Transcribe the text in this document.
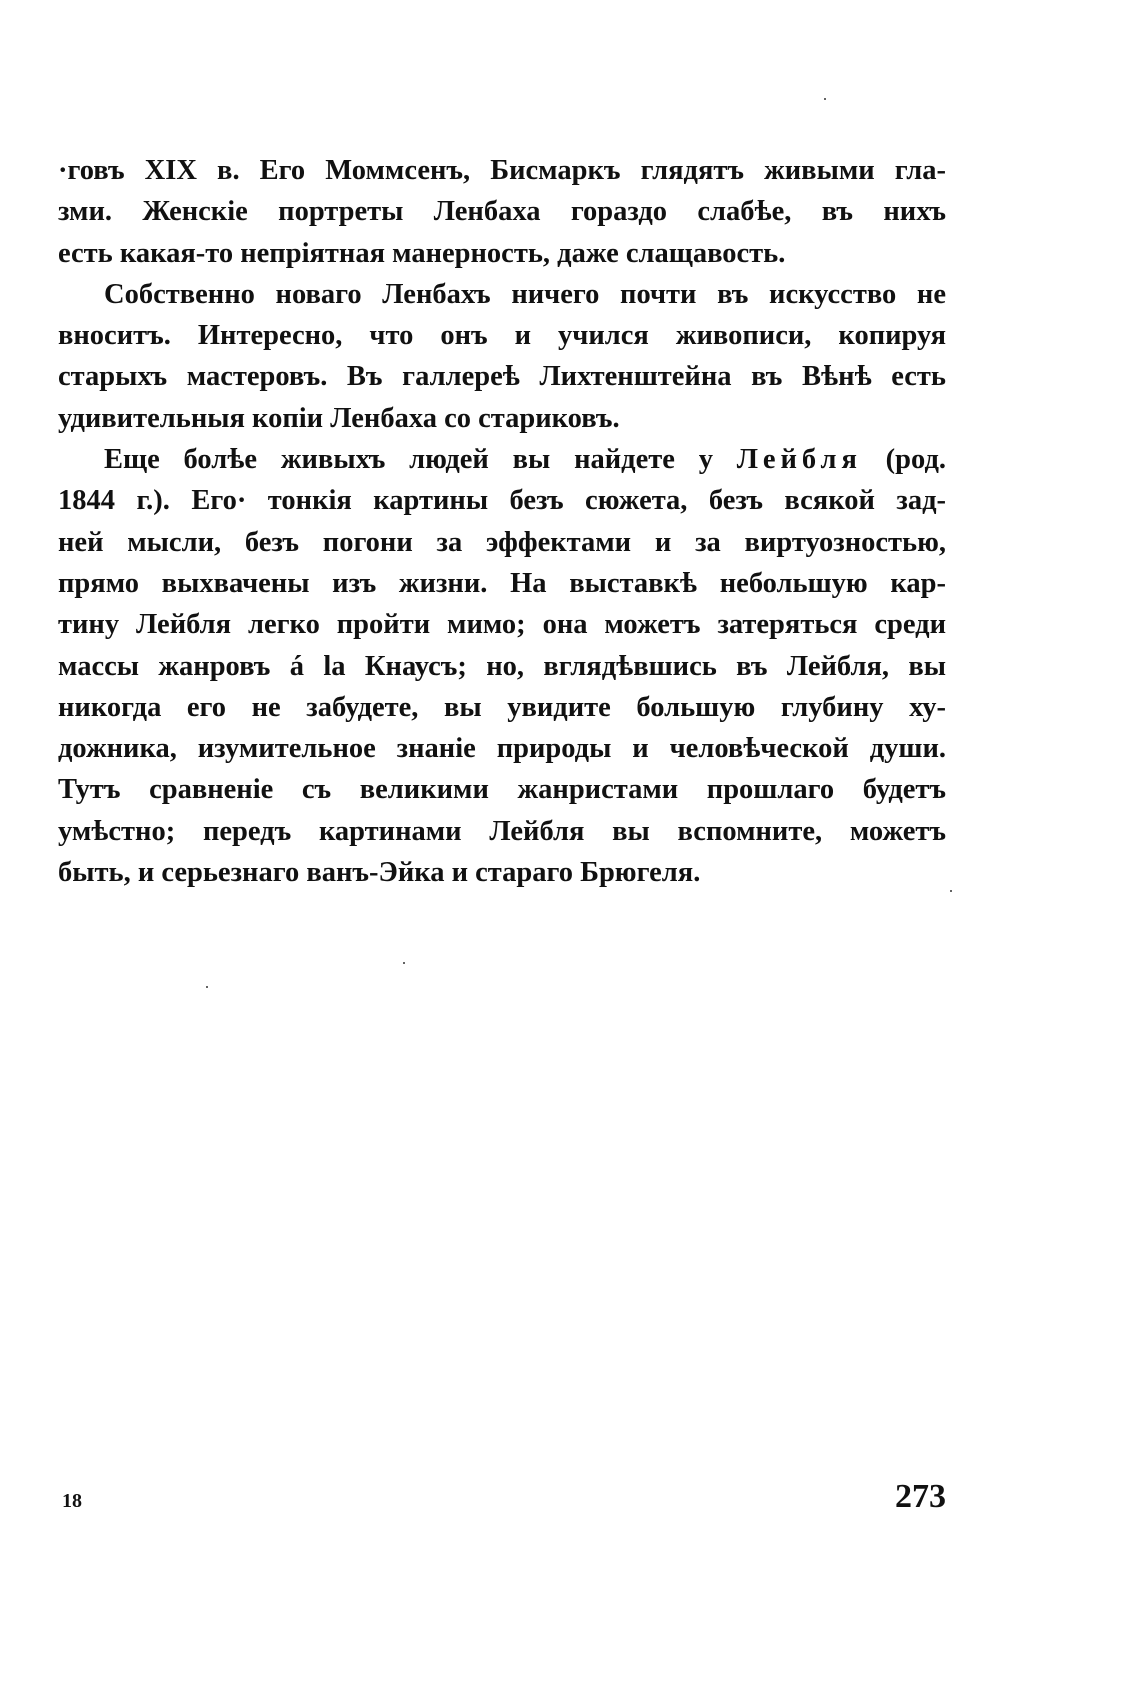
·говъ XIX в. Его Моммсенъ, Бисмаркъ глядятъ живыми гла-
зми. Женскіе портреты Ленбаха гораздо слабѣе, въ нихъ
есть какая-то непріятная манерность, даже слащавость.

Собственно новаго Ленбахъ ничего почти въ искусство не
вноситъ. Интересно, что онъ и учился живописи, копируя
старыхъ мастеровъ. Въ галлереѣ Лихтенштейна въ Вѣнѣ есть
удивительныя копіи Ленбаха со стариковъ.

Еще болѣе живыхъ людей вы найдете у Лейбля (род.
1844 г.). Его· тонкія картины безъ сюжета, безъ всякой зад-
ней мысли, безъ погони за эффектами и за виртуозностью,
прямо выхвачены изъ жизни. На выставкѣ небольшую кар-
тину Лейбля легко пройти мимо; она можетъ затеряться среди
массы жанровъ á la Кнаусъ; но, вглядѣвшись въ Лейбля, вы
никогда его не забудете, вы увидите большую глубину ху-
дожника, изумительное знаніе природы и человѣческой души.
Тутъ сравненіе съ великими жанристами прошлаго будетъ
умѣстно; передъ картинами Лейбля вы вспомните, можетъ
быть, и серьезнаго ванъ-Эйка и стараго Брюгеля.

18	273
